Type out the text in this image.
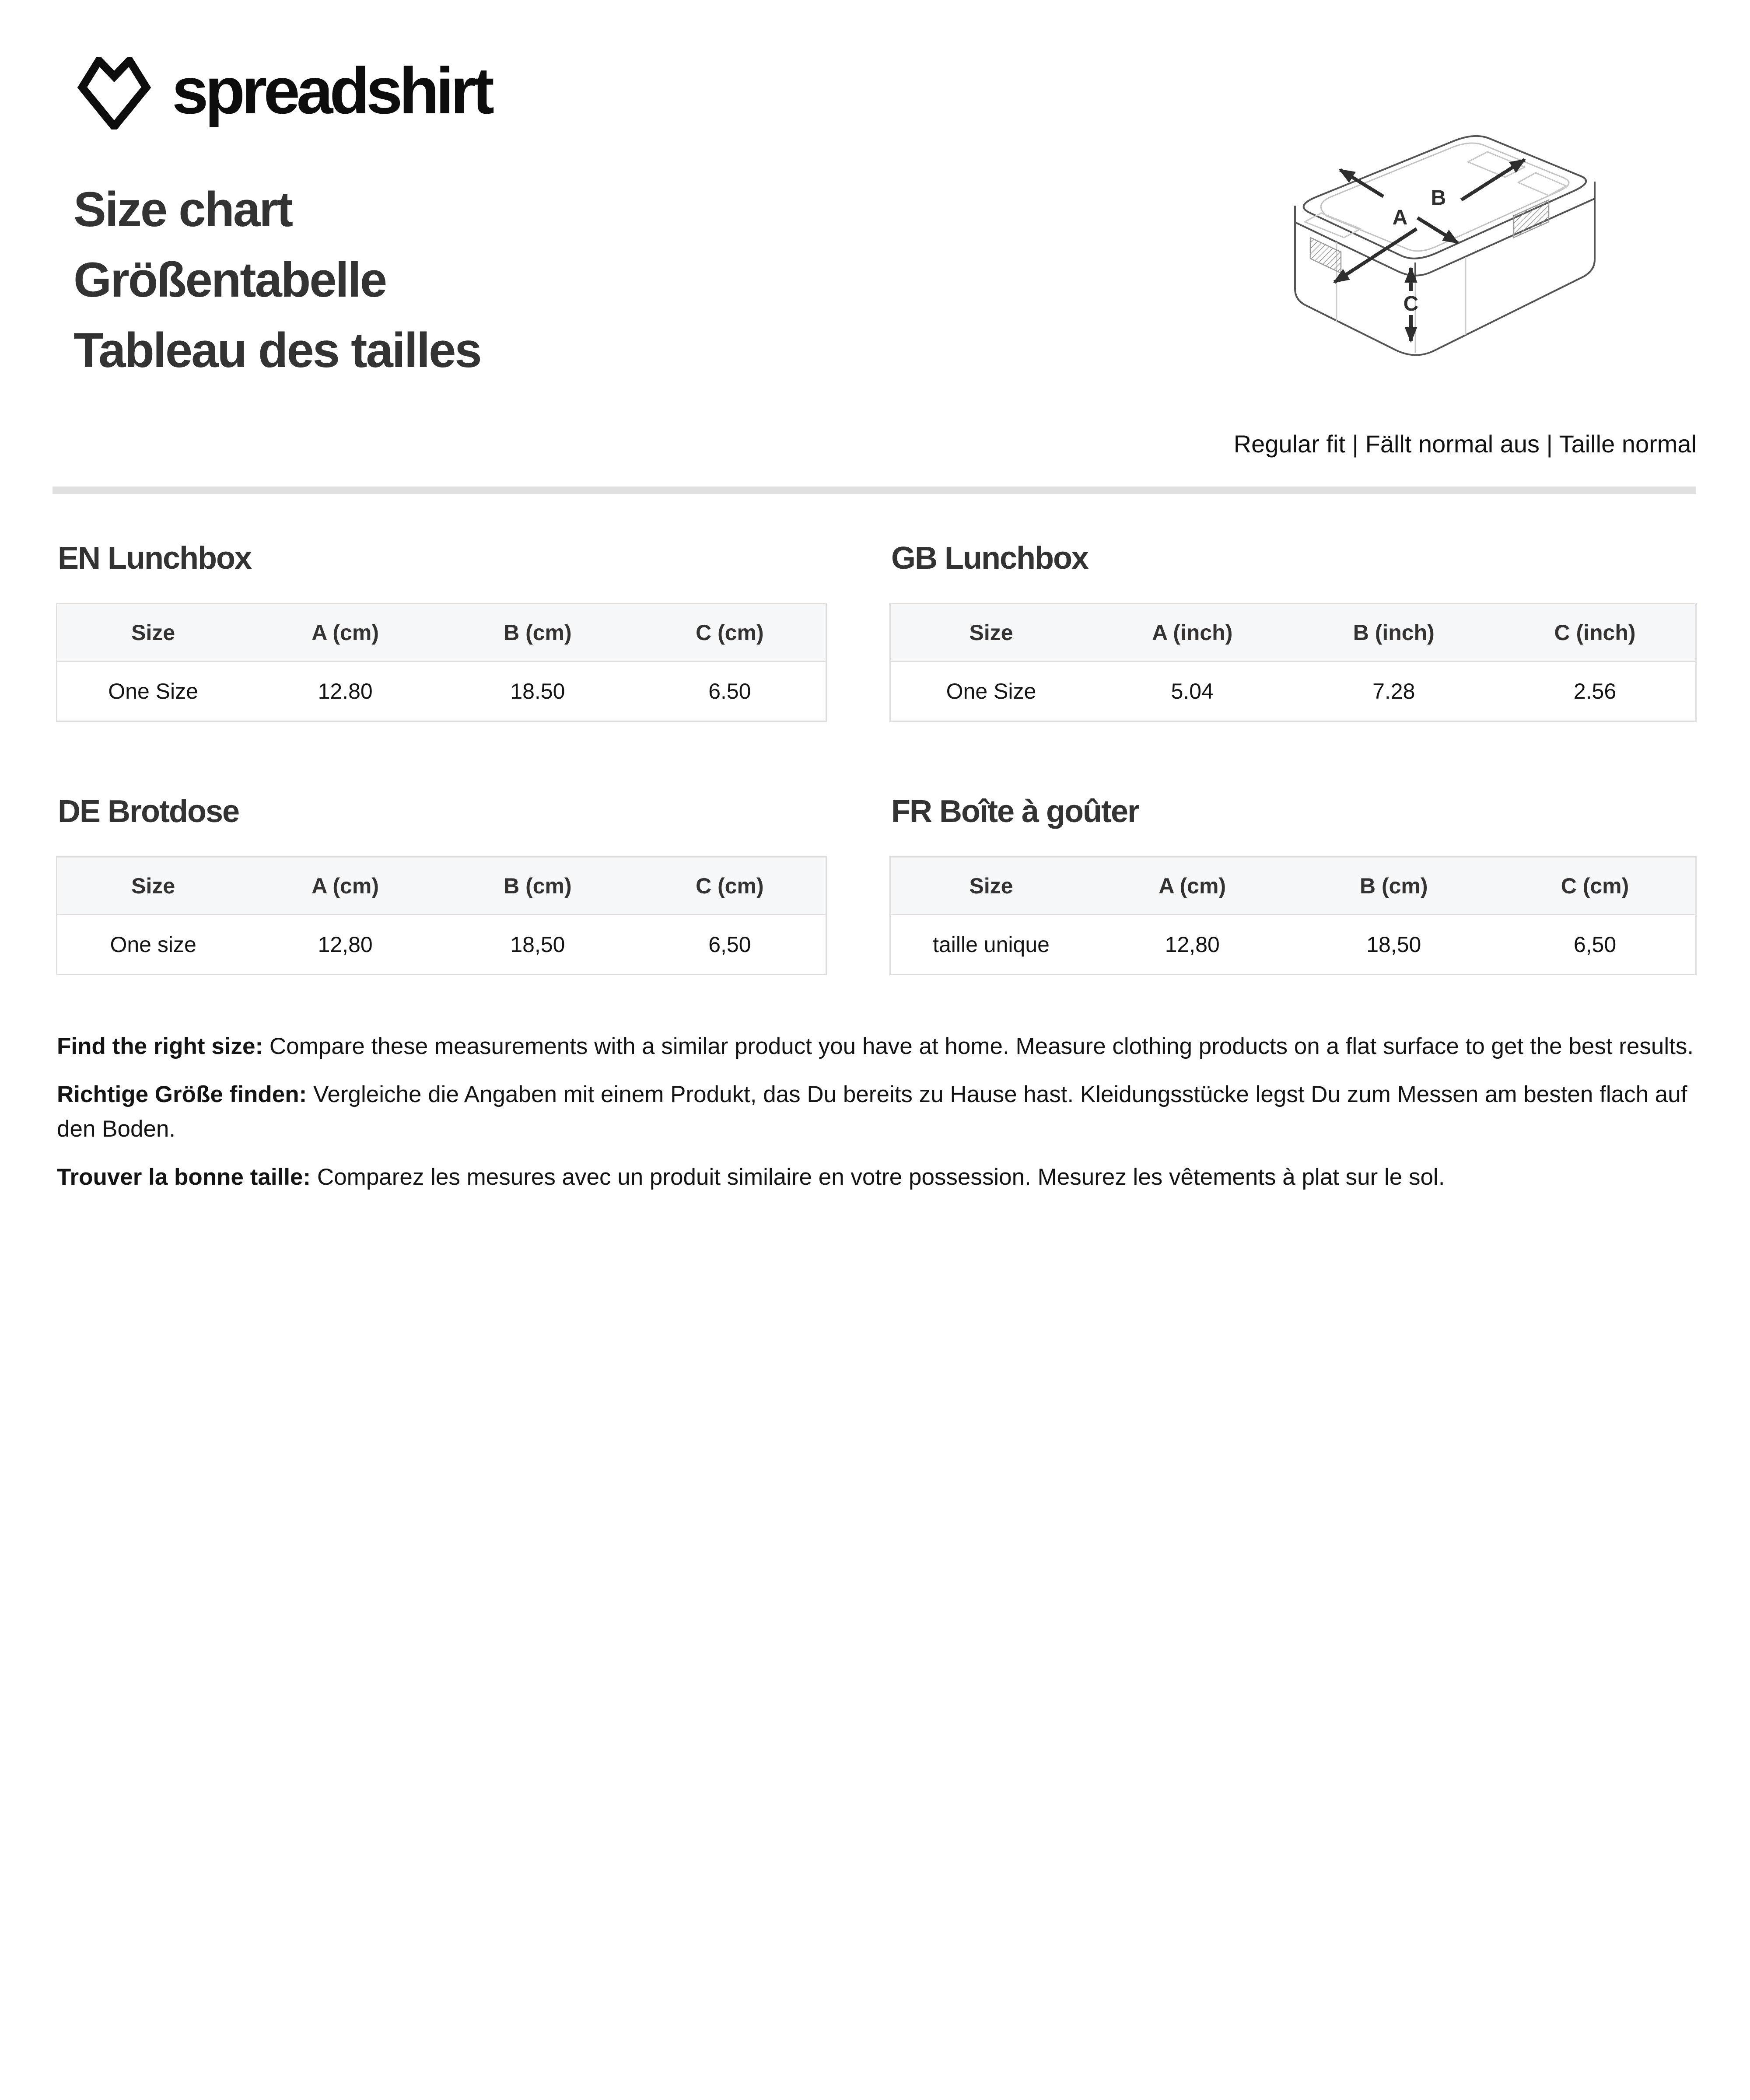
spreadshirt
Size chart
Größentabelle
Tableau des tailles
B
A
C
Regular fit | Fällt normal aus | Taille normal
EN Lunchbox
Size	A (cm)	B (cm)	C (cm)
One Size	12.80	18.50	6.50
GB Lunchbox
Size	A (inch)	B (inch)	C (inch)
One Size	5.04	7.28	2.56
DE Brotdose
Size	A (cm)	B (cm)	C (cm)
One size	12,80	18,50	6,50
FR Boîte à goûter
Size	A (cm)	B (cm)	C (cm)
taille unique	12,80	18,50	6,50

Find the right size: Compare these measurements with a similar product you have at home. Measure clothing products on a flat surface to get the best results.

Richtige Größe finden: Vergleiche die Angaben mit einem Produkt, das Du bereits zu Hause hast. Kleidungsstücke legst Du zum Messen am besten flach auf den Boden.

Trouver la bonne taille: Comparez les mesures avec un produit similaire en votre possession. Mesurez les vêtements à plat sur le sol.
